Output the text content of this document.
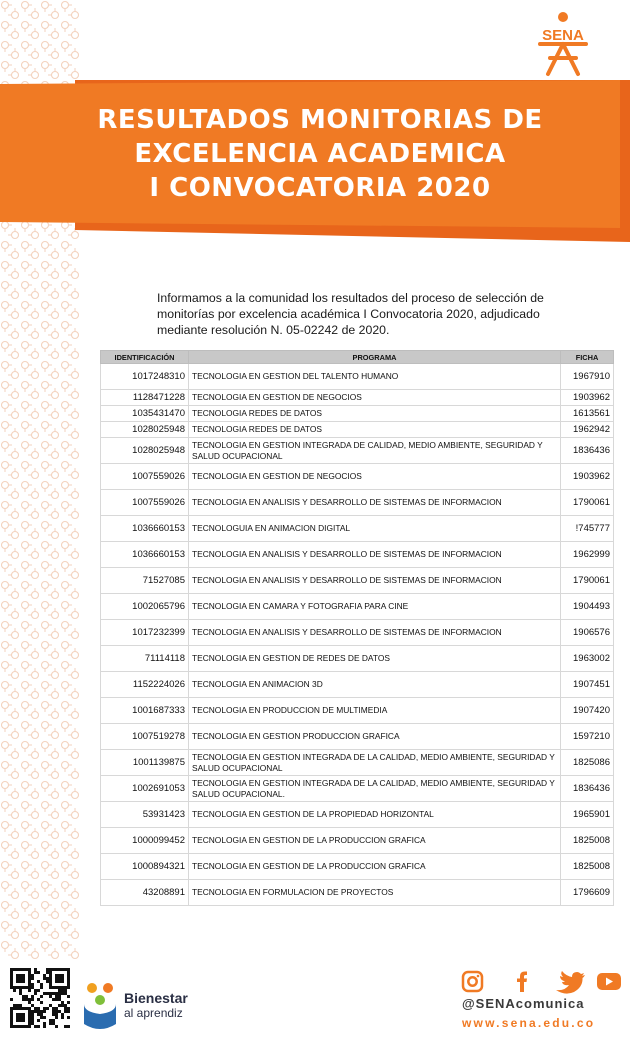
SENA
RESULTADOS MONITORIAS DE
EXCELENCIA ACADEMICA
I CONVOCATORIA 2020
Informamos a la comunidad los resultados del proceso de selección de monitorías por excelencia académica I Convocatoria 2020, adjudicado mediante resolución N. 05-02242 de 2020.
IDENTIFICACIÓN	PROGRAMA	FICHA
1017248310	TECNOLOGIA EN GESTION DEL TALENTO HUMANO	1967910
1128471228	TECNOLOGIA EN GESTION DE NEGOCIOS	1903962
1035431470	TECNOLOGIA REDES DE DATOS	1613561
1028025948	TECNOLOGIA REDES DE DATOS	1962942
1028025948	TECNOLOGIA EN GESTION INTEGRADA DE CALIDAD, MEDIO AMBIENTE, SEGURIDAD Y SALUD OCUPACIONAL	1836436
1007559026	TECNOLOGIA EN GESTION DE NEGOCIOS	1903962
1007559026	TECNOLOGIA EN ANALISIS Y DESARROLLO DE SISTEMAS DE INFORMACION	1790061
1036660153	TECNOLOGUIA EN ANIMACION DIGITAL	!745777
1036660153	TECNOLOGIA EN ANALISIS Y DESARROLLO DE SISTEMAS DE INFORMACION	1962999
71527085	TECNOLOGIA EN ANALISIS Y DESARROLLO DE SISTEMAS DE INFORMACION	1790061
1002065796	TECNOLOGIA EN CAMARA Y FOTOGRAFIA PARA CINE	1904493
1017232399	TECNOLOGIA EN ANALISIS Y DESARROLLO DE SISTEMAS DE INFORMACION	1906576
71114118	TECNOLOGIA EN GESTION DE REDES DE DATOS	1963002
1152224026	TECNOLOGIA EN ANIMACION 3D	1907451
1001687333	TECNOLOGIA EN PRODUCCION DE MULTIMEDIA	1907420
1007519278	TECNOLOGIA EN GESTION PRODUCCION GRAFICA	1597210
1001139875	TECNOLOGIA EN GESTION INTEGRADA DE LA CALIDAD, MEDIO AMBIENTE, SEGURIDAD Y SALUD OCUPACIONAL	1825086
1002691053	TECNOLOGIA EN GESTION INTEGRADA DE LA CALIDAD, MEDIO AMBIENTE, SEGURIDAD Y SALUD OCUPACIONAL.	1836436
53931423	TECNOLOGIA EN GESTION DE LA PROPIEDAD HORIZONTAL	1965901
1000099452	TECNOLOGIA EN GESTION DE LA PRODUCCION GRAFICA	1825008
1000894321	TECNOLOGIA EN GESTION DE LA PRODUCCION GRAFICA	1825008
43208891	TECNOLOGIA EN FORMULACION DE PROYECTOS	1796609
Bienestar
al aprendiz
@SENAcomunica
www.sena.edu.co
